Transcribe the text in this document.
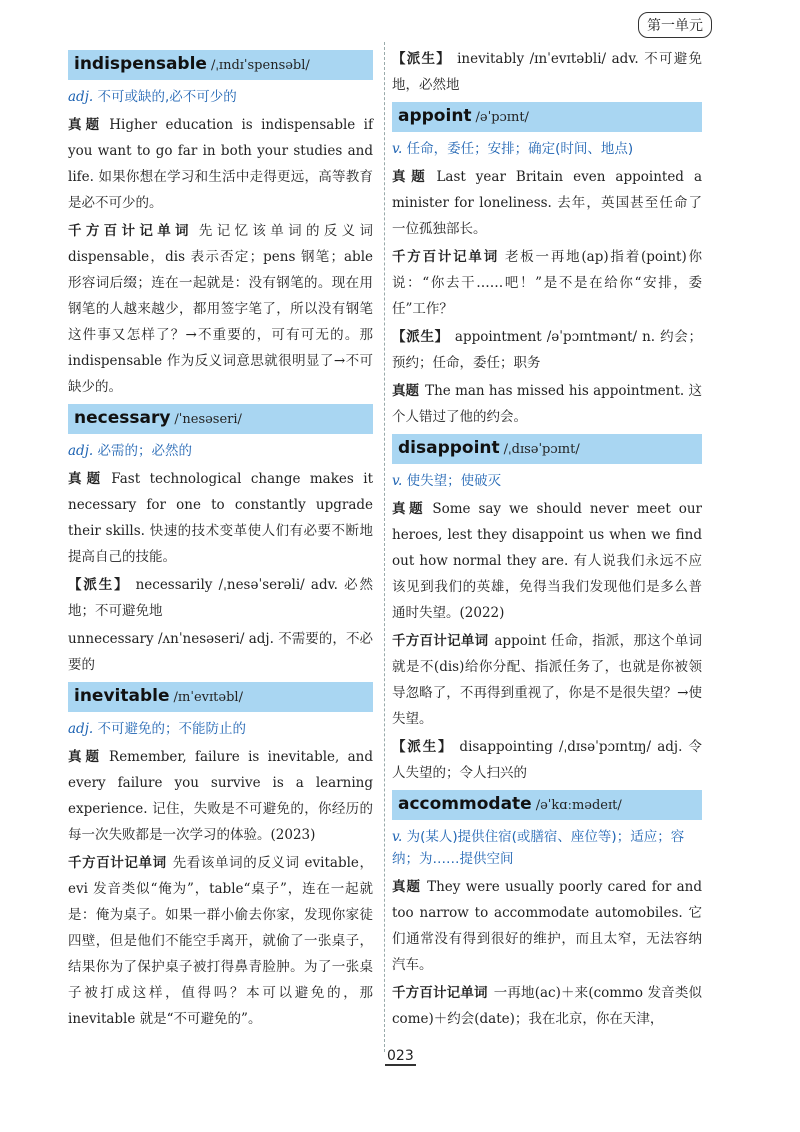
第一单元
indispensable /ˌɪndɪˈspensəbl/
adj. 不可或缺的,必不可少的
真题 Higher education is indispensable if you want to go far in both your studies and life. 如果你想在学习和生活中走得更远，高等教育是必不可少的。
千方百计记单词 先记忆该单词的反义词 dispensable，dis 表示否定；pens 钢笔；able 形容词后缀；连在一起就是：没有钢笔的。现在用钢笔的人越来越少，都用签字笔了，所以没有钢笔这件事又怎样了？→不重要的，可有可无的。那 indispensable 作为反义词意思就很明显了→不可缺少的。
necessary /ˈnesəseri/
adj. 必需的；必然的
真题 Fast technological change makes it necessary for one to constantly upgrade their skills. 快速的技术变革使人们有必要不断地提高自己的技能。
【派生】 necessarily /ˌnesəˈserəli/ adv. 必然地；不可避免地
unnecessary /ʌnˈnesəseri/ adj. 不需要的，不必要的
inevitable /ɪnˈevɪtəbl/
adj. 不可避免的；不能防止的
真题 Remember, failure is inevitable, and every failure you survive is a learning experience. 记住，失败是不可避免的，你经历的每一次失败都是一次学习的体验。(2023)
千方百计记单词 先看该单词的反义词 evitable，evi 发音类似“俺为”，table“桌子”，连在一起就是：俺为桌子。如果一群小偷去你家，发现你家徒四壁，但是他们不能空手离开，就偷了一张桌子，结果你为了保护桌子被打得鼻青脸肿。为了一张桌子被打成这样，值得吗？本可以避免的，那 inevitable 就是“不可避免的”。
【派生】 inevitably /ɪnˈevɪtəbli/ adv. 不可避免地，必然地
appoint /əˈpɔɪnt/
v. 任命，委任；安排；确定(时间、地点)
真题 Last year Britain even appointed a minister for loneliness. 去年，英国甚至任命了一位孤独部长。
千方百计记单词 老板一再地(ap)指着(point)你说：“你去干……吧！”是不是在给你“安排，委任”工作？
【派生】 appointment /əˈpɔɪntmənt/ n. 约会；预约；任命，委任；职务
真题 The man has missed his appointment. 这个人错过了他的约会。
disappoint /ˌdɪsəˈpɔɪnt/
v. 使失望；使破灭
真题 Some say we should never meet our heroes, lest they disappoint us when we find out how normal they are. 有人说我们永远不应该见到我们的英雄，免得当我们发现他们是多么普通时失望。(2022)
千方百计记单词 appoint 任命，指派，那这个单词就是不(dis)给你分配、指派任务了，也就是你被领导忽略了，不再得到重视了，你是不是很失望？→使失望。
【派生】 disappointing /ˌdɪsəˈpɔɪntɪŋ/ adj. 令人失望的；令人扫兴的
accommodate /əˈkɑːmədeɪt/
v. 为(某人)提供住宿(或膳宿、座位等)；适应；容纳；为……提供空间
真题 They were usually poorly cared for and too narrow to accommodate automobiles. 它们通常没有得到很好的维护，而且太窄，无法容纳汽车。
千方百计记单词 一再地(ac)＋来(commo 发音类似 come)＋约会(date)；我在北京，你在天津，
023
